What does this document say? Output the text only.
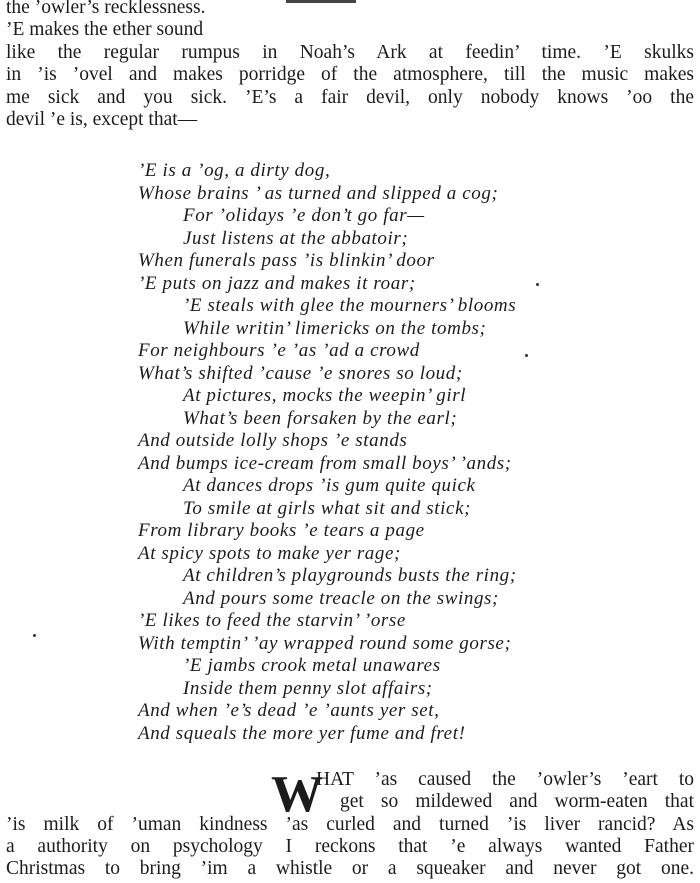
the ’owler’s recklessness.
’E makes the ether sound
like the regular rumpus in Noah’s Ark at feedin’ time. ’E skulks
in ’is ’ovel and makes porridge of the atmosphere, till the music makes
me sick and you sick. ’E’s a fair devil, only nobody knows ’oo the
devil ’e is, except that—
’E is a ’og, a dirty dog,
Whose brains ’ as turned and slipped a cog;
For ’olidays ’e don’t go far—
Just listens at the abbatoir;
When funerals pass ’is blinkin’ door
’E puts on jazz and makes it roar;
’E steals with glee the mourners’ blooms
While writin’ limericks on the tombs;
For neighbours ’e ’as ’ad a crowd
What’s shifted ’cause ’e snores so loud;
At pictures, mocks the weepin’ girl
What’s been forsaken by the earl;
And outside lolly shops ’e stands
And bumps ice-cream from small boys’ ’ands;
At dances drops ’is gum quite quick
To smile at girls what sit and stick;
From library books ’e tears a page
At spicy spots to make yer rage;
At children’s playgrounds busts the ring;
And pours some treacle on the swings;
’E likes to feed the starvin’ ’orse
With temptin’ ’ay wrapped round some gorse;
’E jambs crook metal unawares
Inside them penny slot affairs;
And when ’e’s dead ’e ’aunts yer set,
And squeals the more yer fume and fret!
W
HAT ’as caused the ’owler’s ’eart to
get so mildewed and worm-eaten that
’is milk of ’uman kindness ’as curled and turned ’is liver rancid? As
a authority on psychology I reckons that ’e always wanted Father
Christmas to bring ’im a whistle or a squeaker and never got one.
